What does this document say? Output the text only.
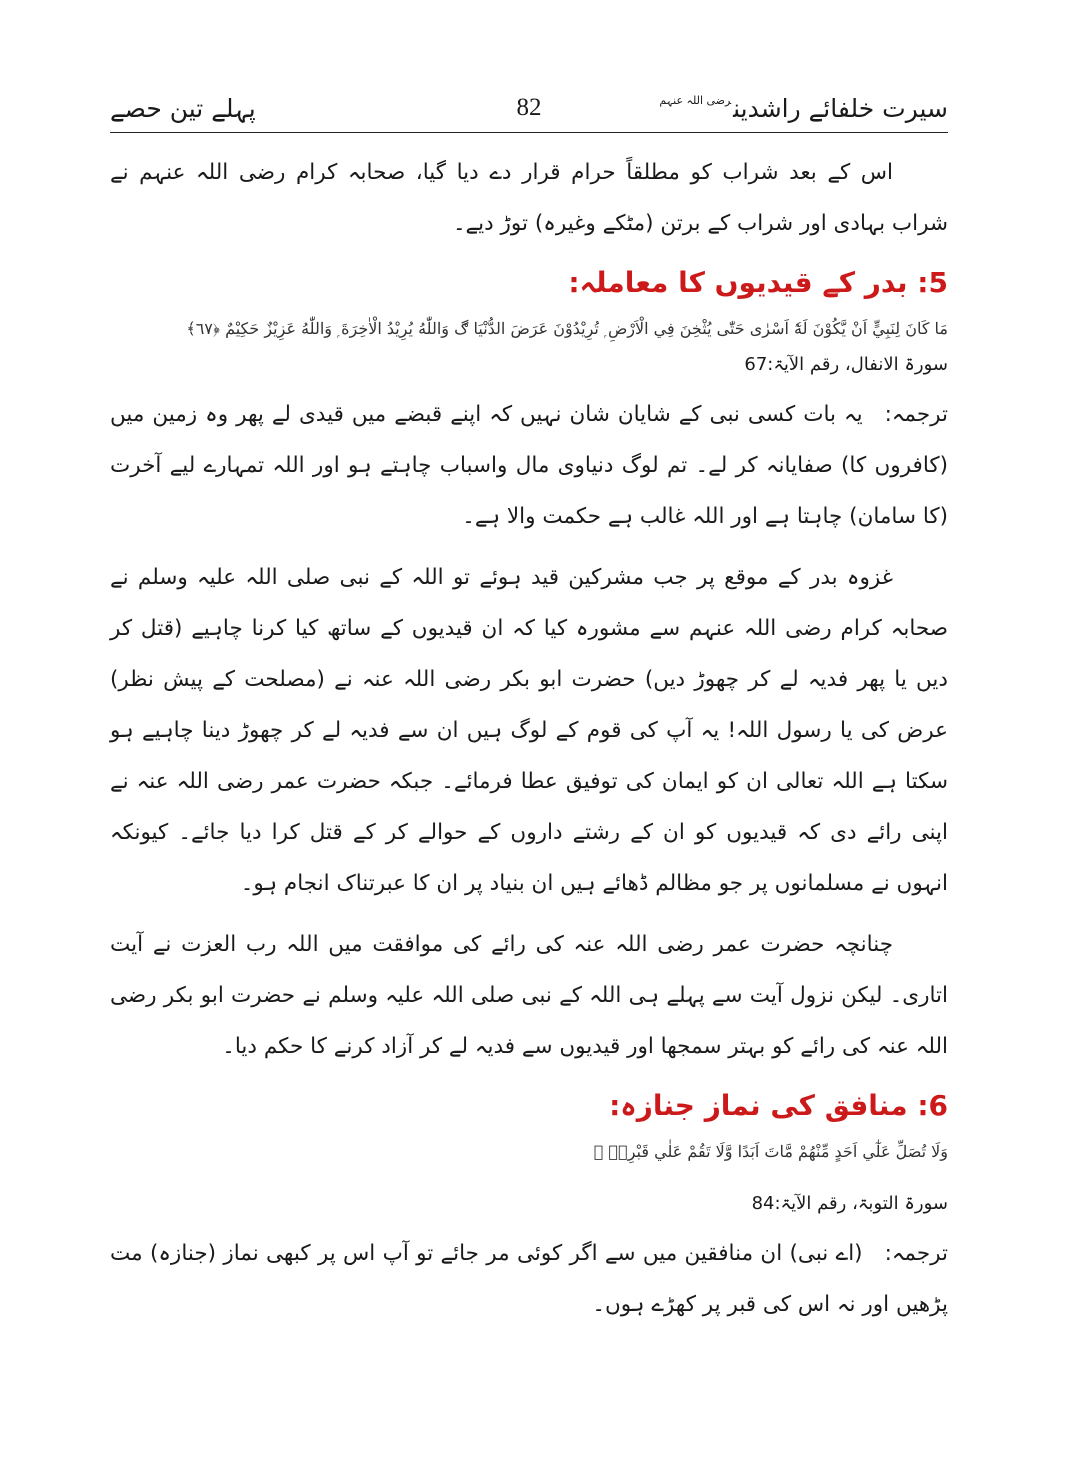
سیرت خلفائے راشدین$^{رضی اللہ عنہم}$
82
پہلے تین حصے

اس کے بعد شراب کو مطلقاً حرام قرار دے دیا گیا، صحابہ کرام رضی اللہ عنہم نے شراب بہادی اور شراب کے برتن (مٹکے وغیرہ) توڑ دیے۔

5: بدر کے قیدیوں کا معاملہ:

مَا كَانَ لِنَبِيٍّ اَنْ يَّكُوْنَ لَهٗٓ اَسْرٰى حَتّٰى يُثْخِنَ فِي الْاَرْضِ ۭ تُرِيْدُوْنَ عَرَضَ الدُّنْيَا ڰ وَاللّٰهُ يُرِيْدُ الْاٰخِرَةَ ۭ وَاللّٰهُ عَزِيْزٌ حَكِيْمٌ ﴿٦٧﴾

سورۃ الانفال، رقم الآیۃ:67

ترجمہ:یہ بات کسی نبی کے شایان شان نہیں کہ اپنے قبضے میں قیدی لے پھر وہ زمین میں (کافروں کا) صفایانہ کر لے۔ تم لوگ دنیاوی مال واسباب چاہتے ہو اور اللہ تمہارے لیے آخرت (کا سامان) چاہتا ہے اور اللہ غالب ہے حکمت والا ہے۔

غزوہ بدر کے موقع پر جب مشرکین قید ہوئے تو اللہ کے نبی صلی اللہ علیہ وسلم نے صحابہ کرام رضی اللہ عنہم سے مشورہ کیا کہ ان قیدیوں کے ساتھ کیا کرنا چاہیے (قتل کر دیں یا پھر فدیہ لے کر چھوڑ دیں) حضرت ابو بکر رضی اللہ عنہ نے (مصلحت کے پیش نظر) عرض کی یا رسول اللہ! یہ آپ کی قوم کے لوگ ہیں ان سے فدیہ لے کر چھوڑ دینا چاہیے ہو سکتا ہے اللہ تعالی ان کو ایمان کی توفیق عطا فرمائے۔ جبکہ حضرت عمر رضی اللہ عنہ نے اپنی رائے دی کہ قیدیوں کو ان کے رشتے داروں کے حوالے کر کے قتل کرا دیا جائے۔ کیونکہ انہوں نے مسلمانوں پر جو مظالم ڈھائے ہیں ان بنیاد پر ان کا عبرتناک انجام ہو۔

چنانچہ حضرت عمر رضی اللہ عنہ کی رائے کی موافقت میں اللہ رب العزت نے آیت اتاری۔ لیکن نزول آیت سے پہلے ہی اللہ کے نبی صلی اللہ علیہ وسلم نے حضرت ابو بکر رضی اللہ عنہ کی رائے کو بہتر سمجھا اور قیدیوں سے فدیہ لے کر آزاد کرنے کا حکم دیا۔

6: منافق کی نماز جنازہ:

وَلَا تُصَلِّ عَلٰٓي اَحَدٍ مِّنْهُمْ مَّاتَ اَبَدًا وَّلَا تَقُمْ عَلٰي قَبْرِهٖ ۭ

سورۃ التوبۃ، رقم الآیۃ:84

ترجمہ:(اے نبی) ان منافقین میں سے اگر کوئی مر جائے تو آپ اس پر کبھی نماز (جنازہ) مت پڑھیں اور نہ اس کی قبر پر کھڑے ہوں۔
